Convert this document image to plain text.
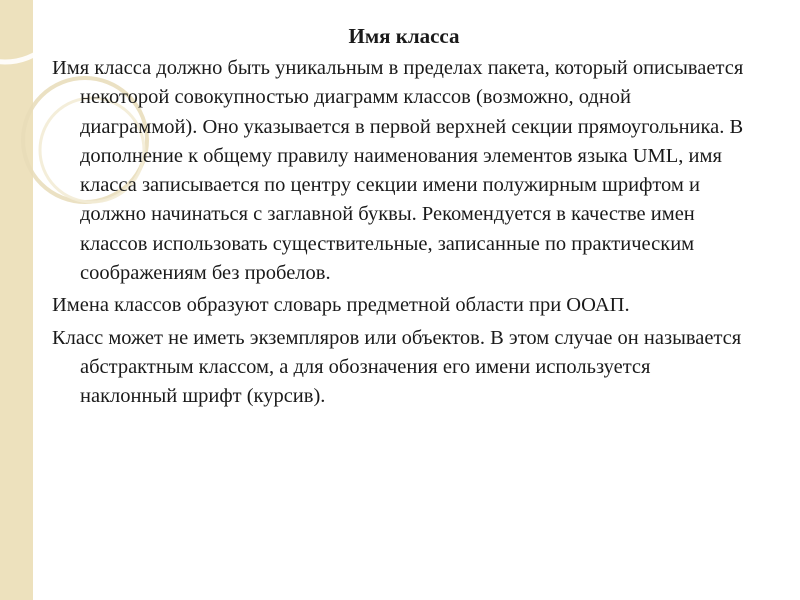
Имя класса

Имя класса должно быть уникальным в пределах пакета, который описывается некоторой совокупностью диаграмм классов (возможно, одной диаграммой). Оно указывается в первой верхней секции прямоугольника. В дополнение к общему правилу наименования элементов языка UML, имя класса записывается по центру секции имени полужирным шрифтом и должно начинаться с заглавной буквы. Рекомендуется в качестве имен классов использовать существительные, записанные по практическим соображениям без пробелов.

Имена классов образуют словарь предметной области при ООАП.

Класс может не иметь экземпляров или объектов. В этом случае он называется абстрактным классом, а для обозначения его имени используется наклонный шрифт (курсив).
